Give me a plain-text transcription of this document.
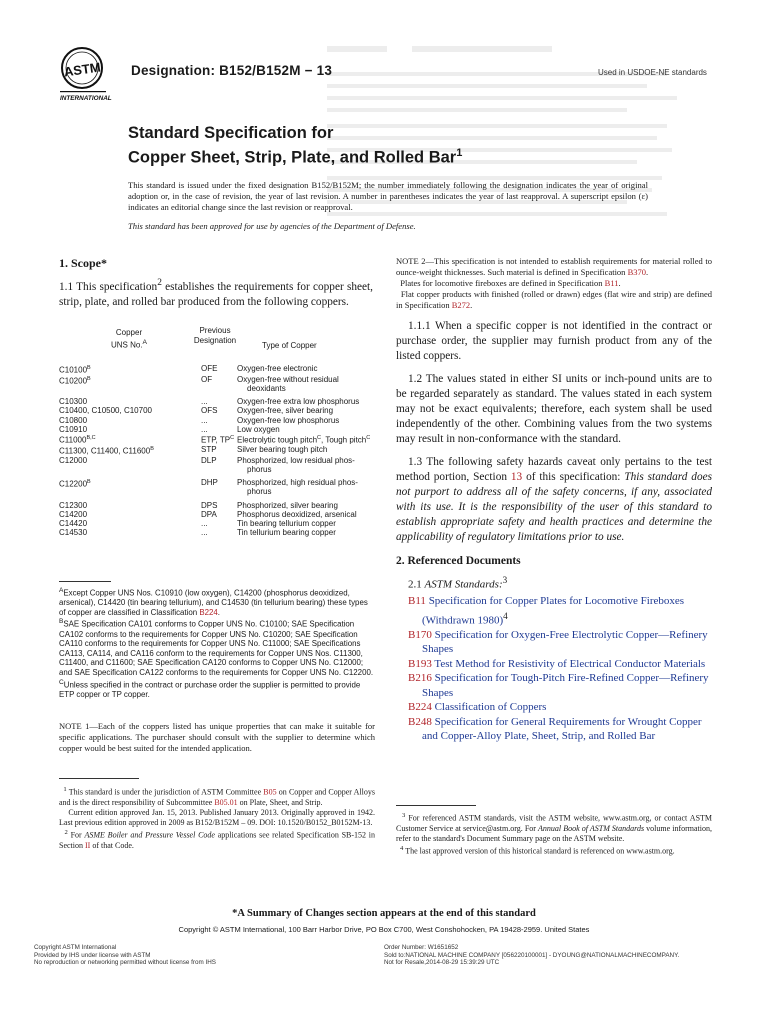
ASTM
INTERNATIONAL
Designation: B152/B152M − 13	Used in USDOE-NE standards
Standard Specification for
Copper Sheet, Strip, Plate, and Rolled Bar$^1$
This standard is issued under the fixed designation B152/B152M; the number immediately following the designation indicates the year of original adoption or, in the case of revision, the year of last revision. A number in parentheses indicates the year of last reapproval. A superscript epsilon (ε) indicates an editorial change since the last revision or reapproval.
This standard has been approved for use by agencies of the Department of Defense.
1. Scope*
1.1 This specification$^2$ establishes the requirements for copper sheet, strip, plate, and rolled bar produced from the following coppers.
Copper
UNS No.$^A$
Previous
Designation
Type of Copper
$C10100^B$	OFE	Oxygen-free electronic
$C10200^B$	OF	Oxygen-free without residual
deoxidants
C10300	...	Oxygen-free extra low phosphorus
C10400, C10500, C10700	OFS	Oxygen-free, silver bearing
C10800	...	Oxygen-free low phosphorus
C10910	...	Low oxygen
$C11000^{B,C}$	ETP, $TP^C$	Electrolytic tough pitch$^C$, Tough pitch$^C$
C11300, C11400, $C11600^B$	STP	Silver bearing tough pitch
C12000	DLP	Phosphorized, low residual phos-
phorus
$C12200^B$	DHP	Phosphorized, high residual phos-
phorus
C12300	DPS	Phosphorized, silver bearing
C14200	DPA	Phosphorus deoxidized, arsenical
C14420	...	Tin bearing tellurium copper
C14530	...	Tin tellurium bearing copper
$^A$Except Copper UNS Nos. C10910 (low oxygen), C14200 (phosphorus deoxidized, arsenical), C14420 (tin bearing tellurium), and C14530 (tin tellurium bearing) these types of copper are classified in Classification B224.
$^B$SAE Specification CA101 conforms to Copper UNS No. C10100; SAE Specification CA102 conforms to the requirements for Copper UNS No. C10200; SAE Specification CA110 conforms to the requirements for Copper UNS No. C11000; SAE Specifications CA113, CA114, and CA116 conform to the requirements for Copper UNS Nos. C11300, C11400, and C11600; SAE Specification CA120 conforms to Copper UNS No. C12000; and SAE Specification CA122 conforms to the requirements for Copper UNS No. C12200.
$^C$Unless specified in the contract or purchase order the supplier is permitted to provide ETP copper or TP copper.
NOTE 1—Each of the coppers listed has unique properties that can make it suitable for specific applications. The purchaser should consult with the supplier to determine which copper would be best suited for the intended application.
$^1$ This standard is under the jurisdiction of ASTM Committee B05 on Copper and Copper Alloys and is the direct responsibility of Subcommittee B05.01 on Plate, Sheet, and Strip.
Current edition approved Jan. 15, 2013. Published January 2013. Originally approved in 1942. Last previous edition approved in 2009 as B152/B152M – 09. DOI: 10.1520/B0152_B0152M-13.
$^2$ For ASME Boiler and Pressure Vessel Code applications see related Specification SB-152 in Section II of that Code.
NOTE 2—This specification is not intended to establish requirements for material rolled to ounce-weight thicknesses. Such material is defined in Specification B370.
Plates for locomotive fireboxes are defined in Specification B11.
Flat copper products with finished (rolled or drawn) edges (flat wire and strip) are defined in Specification B272.
1.1.1 When a specific copper is not identified in the contract or purchase order, the supplier may furnish product from any of the listed coppers.
1.2 The values stated in either SI units or inch-pound units are to be regarded separately as standard. The values stated in each system may not be exact equivalents; therefore, each system shall be used independently of the other. Combining values from the two systems may result in non-conformance with the standard.
1.3 The following safety hazards caveat only pertains to the test method portion, Section 13 of this specification: This standard does not purport to address all of the safety concerns, if any, associated with its use. It is the responsibility of the user of this standard to establish appropriate safety and health practices and determine the applicability of regulatory limitations prior to use.
2. Referenced Documents
2.1 ASTM Standards:$^3$
B11 Specification for Copper Plates for Locomotive Fireboxes (Withdrawn 1980)$^4$
B170 Specification for Oxygen-Free Electrolytic Copper—Refinery Shapes
B193 Test Method for Resistivity of Electrical Conductor Materials
B216 Specification for Tough-Pitch Fire-Refined Copper—Refinery Shapes
B224 Classification of Coppers
B248 Specification for General Requirements for Wrought Copper and Copper-Alloy Plate, Sheet, Strip, and Rolled Bar
$^3$ For referenced ASTM standards, visit the ASTM website, www.astm.org, or contact ASTM Customer Service at service@astm.org. For Annual Book of ASTM Standards volume information, refer to the standard's Document Summary page on the ASTM website.
$^4$ The last approved version of this historical standard is referenced on www.astm.org.
*A Summary of Changes section appears at the end of this standard
Copyright © ASTM International, 100 Barr Harbor Drive, PO Box C700, West Conshohocken, PA 19428-2959. United States
Copyright ASTM International
Provided by IHS under license with ASTM
No reproduction or networking permitted without license from IHS
Order Number: W1651652
Sold to:NATIONAL MACHINE COMPANY [056220100001] - DYOUNG@NATIONALMACHINECOMPANY.
Not for Resale,2014-08-29 15:39:29 UTC
